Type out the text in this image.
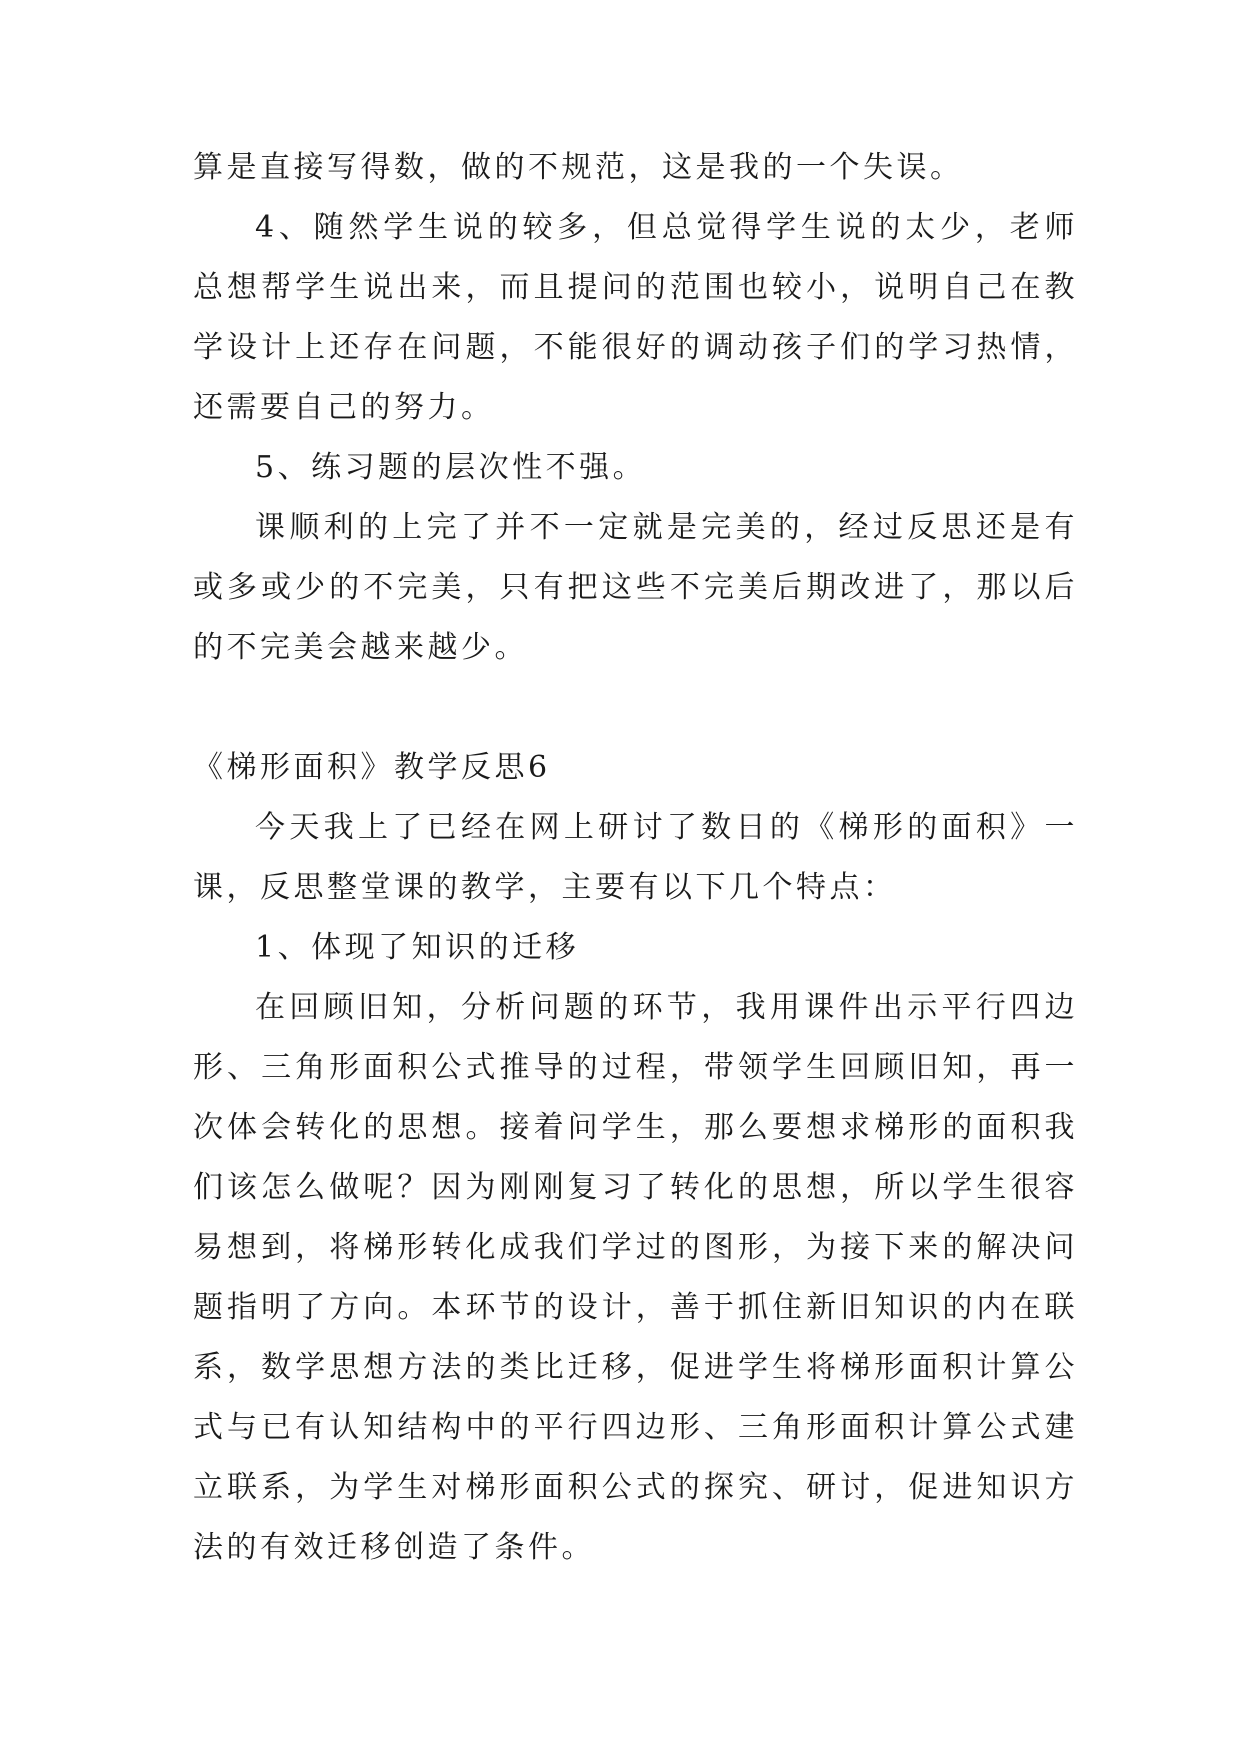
算是直接写得数，做的不规范，这是我的一个失误。

4、随然学生说的较多，但总觉得学生说的太少，老师总想帮学生说出来，而且提问的范围也较小，说明自己在教学设计上还存在问题，不能很好的调动孩子们的学习热情，还需要自己的努力。

5、练习题的层次性不强。

课顺利的上完了并不一定就是完美的，经过反思还是有或多或少的不完美，只有把这些不完美后期改进了，那以后的不完美会越来越少。

《梯形面积》教学反思6

今天我上了已经在网上研讨了数日的《梯形的面积》一课，反思整堂课的教学，主要有以下几个特点：

1、体现了知识的迁移

在回顾旧知，分析问题的环节，我用课件出示平行四边形、三角形面积公式推导的过程，带领学生回顾旧知，再一次体会转化的思想。接着问学生，那么要想求梯形的面积我们该怎么做呢？因为刚刚复习了转化的思想，所以学生很容易想到，将梯形转化成我们学过的图形，为接下来的解决问题指明了方向。本环节的设计，善于抓住新旧知识的内在联系，数学思想方法的类比迁移，促进学生将梯形面积计算公式与已有认知结构中的平行四边形、三角形面积计算公式建立联系，为学生对梯形面积公式的探究、研讨，促进知识方法的有效迁移创造了条件。
